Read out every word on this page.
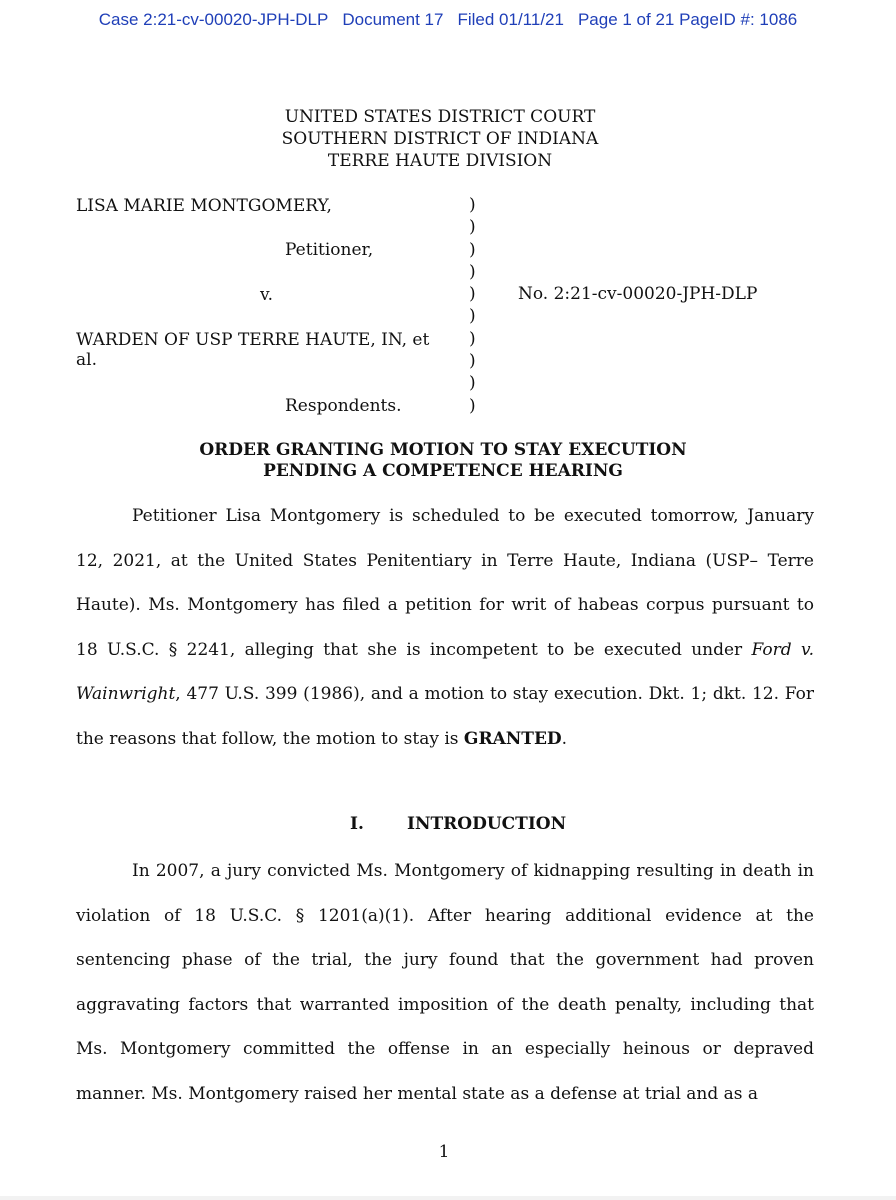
Case 2:21-cv-00020-JPH-DLP Document 17 Filed 01/11/21 Page 1 of 21 PageID #: 1086
UNITED STATES DISTRICT COURT
SOUTHERN DISTRICT OF INDIANA
TERRE HAUTE DIVISION
LISA MARIE MONTGOMERY,
Petitioner,
v.
WARDEN OF USP TERRE HAUTE, IN, et
al.
Respondents.
)
)
)
)
)
)
)
)
)
)
No. 2:21-cv-00020-JPH-DLP
ORDER GRANTING MOTION TO STAY EXECUTION
PENDING A COMPETENCE HEARING
Petitioner Lisa Montgomery is scheduled to be executed tomorrow, January 12, 2021, at the United States Penitentiary in Terre Haute, Indiana (USP– Terre Haute). Ms. Montgomery has filed a petition for writ of habeas corpus pursuant to 18 U.S.C. § 2241, alleging that she is incompetent to be executed under Ford v. Wainwright, 477 U.S. 399 (1986), and a motion to stay execution. Dkt. 1; dkt. 12. For the reasons that follow, the motion to stay is GRANTED.
I.	INTRODUCTION
In 2007, a jury convicted Ms. Montgomery of kidnapping resulting in death in violation of 18 U.S.C. § 1201(a)(1). After hearing additional evidence at the sentencing phase of the trial, the jury found that the government had proven aggravating factors that warranted imposition of the death penalty, including that Ms. Montgomery committed the offense in an especially heinous or depraved manner. Ms. Montgomery raised her mental state as a defense at trial and as a
1
